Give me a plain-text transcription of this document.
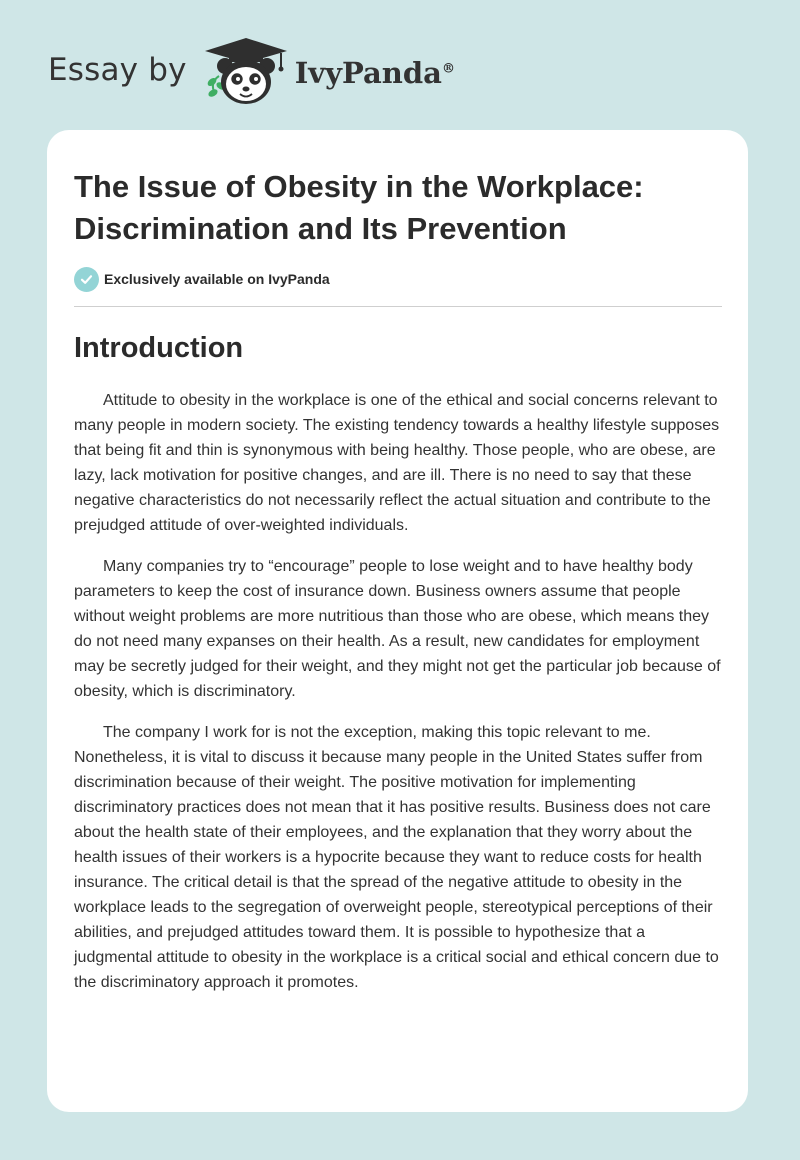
Essay by	IvyPanda®
The Issue of Obesity in the Workplace: Discrimination and Its Prevention
Exclusively available on IvyPanda
Introduction

Attitude to obesity in the workplace is one of the ethical and social concerns relevant to many people in modern society. The existing tendency towards a healthy lifestyle supposes that being fit and thin is synonymous with being healthy. Those people, who are obese, are lazy, lack motivation for positive changes, and are ill. There is no need to say that these negative characteristics do not necessarily reflect the actual situation and contribute to the prejudged attitude of over-weighted individuals.

Many companies try to “encourage” people to lose weight and to have healthy body parameters to keep the cost of insurance down. Business owners assume that people without weight problems are more nutritious than those who are obese, which means they do not need many expanses on their health. As a result, new candidates for employment may be secretly judged for their weight, and they might not get the particular job because of obesity, which is discriminatory.

The company I work for is not the exception, making this topic relevant to me. Nonetheless, it is vital to discuss it because many people in the United States suffer from discrimination because of their weight. The positive motivation for implementing discriminatory practices does not mean that it has positive results. Business does not care about the health state of their employees, and the explanation that they worry about the health issues of their workers is a hypocrite because they want to reduce costs for health insurance. The critical detail is that the spread of the negative attitude to obesity in the workplace leads to the segregation of overweight people, stereotypical perceptions of their abilities, and prejudged attitudes toward them. It is possible to hypothesize that a judgmental attitude to obesity in the workplace is a critical social and ethical concern due to the discriminatory approach it promotes.
